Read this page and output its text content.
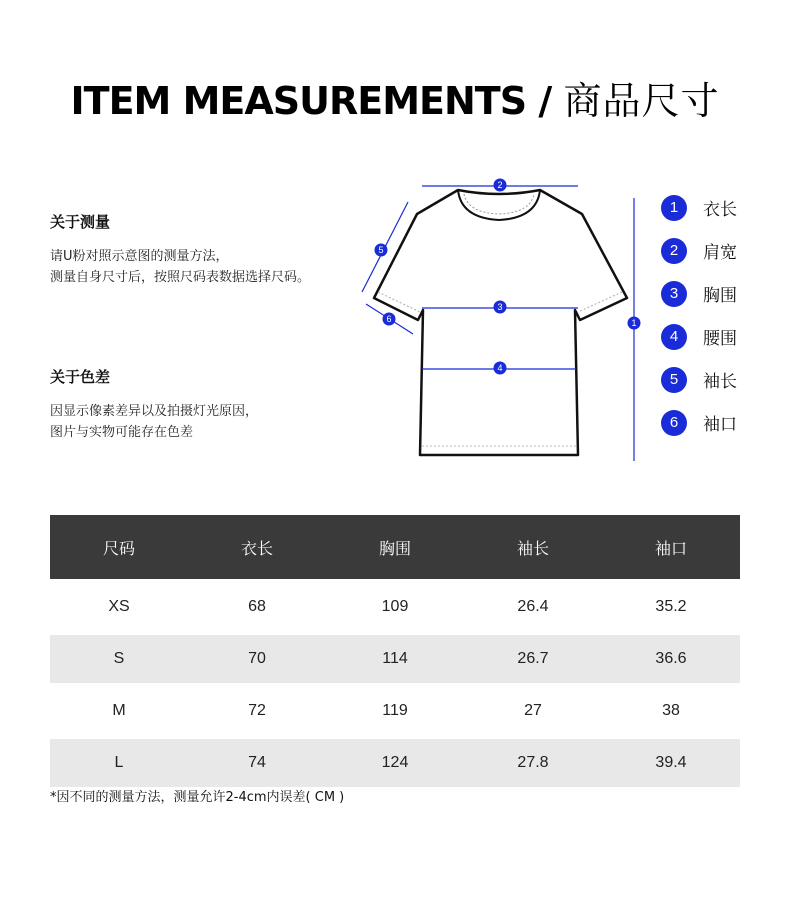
ITEM MEASUREMENTS / 商品尺寸
关于测量
请U粉对照示意图的测量方法，
测量自身尺寸后，按照尺码表数据选择尺码。
关于色差
因显示像素差异以及拍摄灯光原因，
图片与实物可能存在色差
2
3
4
1
5
6
1	衣长
2	肩宽
3	胸围
4	腰围
5	袖长
6	袖口
尺码	衣长	胸围	袖长	袖口

XS	68	109	26.4	35.2

S	70	114	26.7	36.6

M	72	119	27	38

L	74	124	27.8	39.4
*因不同的测量方法，测量允许2-4cm内误差( CM )
